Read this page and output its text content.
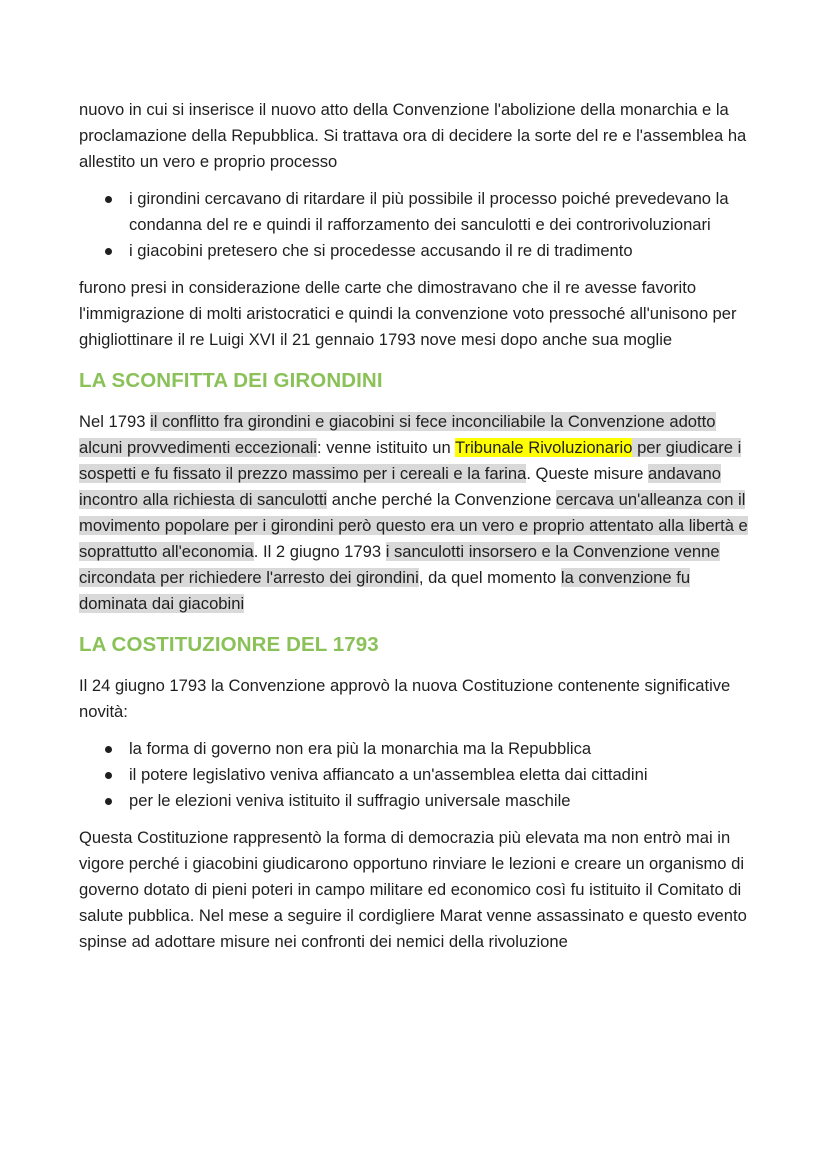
nuovo in cui si inserisce il nuovo atto della Convenzione l'abolizione della monarchia e la proclamazione della Repubblica. Si trattava ora di decidere la sorte del re e l'assemblea ha allestito un vero e proprio processo

i girondini cercavano di ritardare il più possibile il processo poiché prevedevano la condanna del re e quindi il rafforzamento dei sanculotti e dei controrivoluzionari
i giacobini pretesero che si procedesse accusando il re di tradimento

furono presi in considerazione delle carte che dimostravano che il re avesse favorito l'immigrazione di molti aristocratici e quindi la convenzione voto pressoché all'unisono per ghigliottinare il re Luigi XVI il 21 gennaio 1793 nove mesi dopo anche sua moglie

LA SCONFITTA DEI GIRONDINI

Nel 1793 il conflitto fra girondini e giacobini si fece inconciliabile la Convenzione adotto alcuni provvedimenti eccezionali: venne istituito un Tribunale Rivoluzionario per giudicare i sospetti e fu fissato il prezzo massimo per i cereali e la farina. Queste misure andavano incontro alla richiesta di sanculotti anche perché la Convenzione cercava un'alleanza con il movimento popolare per i girondini però questo era un vero e proprio attentato alla libertà e soprattutto all'economia. Il 2 giugno 1793 i sanculotti insorsero e la Convenzione venne circondata per richiedere l'arresto dei girondini, da quel momento la convenzione fu dominata dai giacobini

LA COSTITUZIONRE DEL 1793

Il 24 giugno 1793 la Convenzione approvò la nuova Costituzione contenente significative novità:

la forma di governo non era più la monarchia ma la Repubblica
il potere legislativo veniva affiancato a un'assemblea eletta dai cittadini
per le elezioni veniva istituito il suffragio universale maschile

Questa Costituzione rappresentò la forma di democrazia più elevata ma non entrò mai in vigore perché i giacobini giudicarono opportuno rinviare le lezioni e creare un organismo di governo dotato di pieni poteri in campo militare ed economico così fu istituito il Comitato di salute pubblica. Nel mese a seguire il cordigliere Marat venne assassinato e questo evento spinse ad adottare misure nei confronti dei nemici della rivoluzione
